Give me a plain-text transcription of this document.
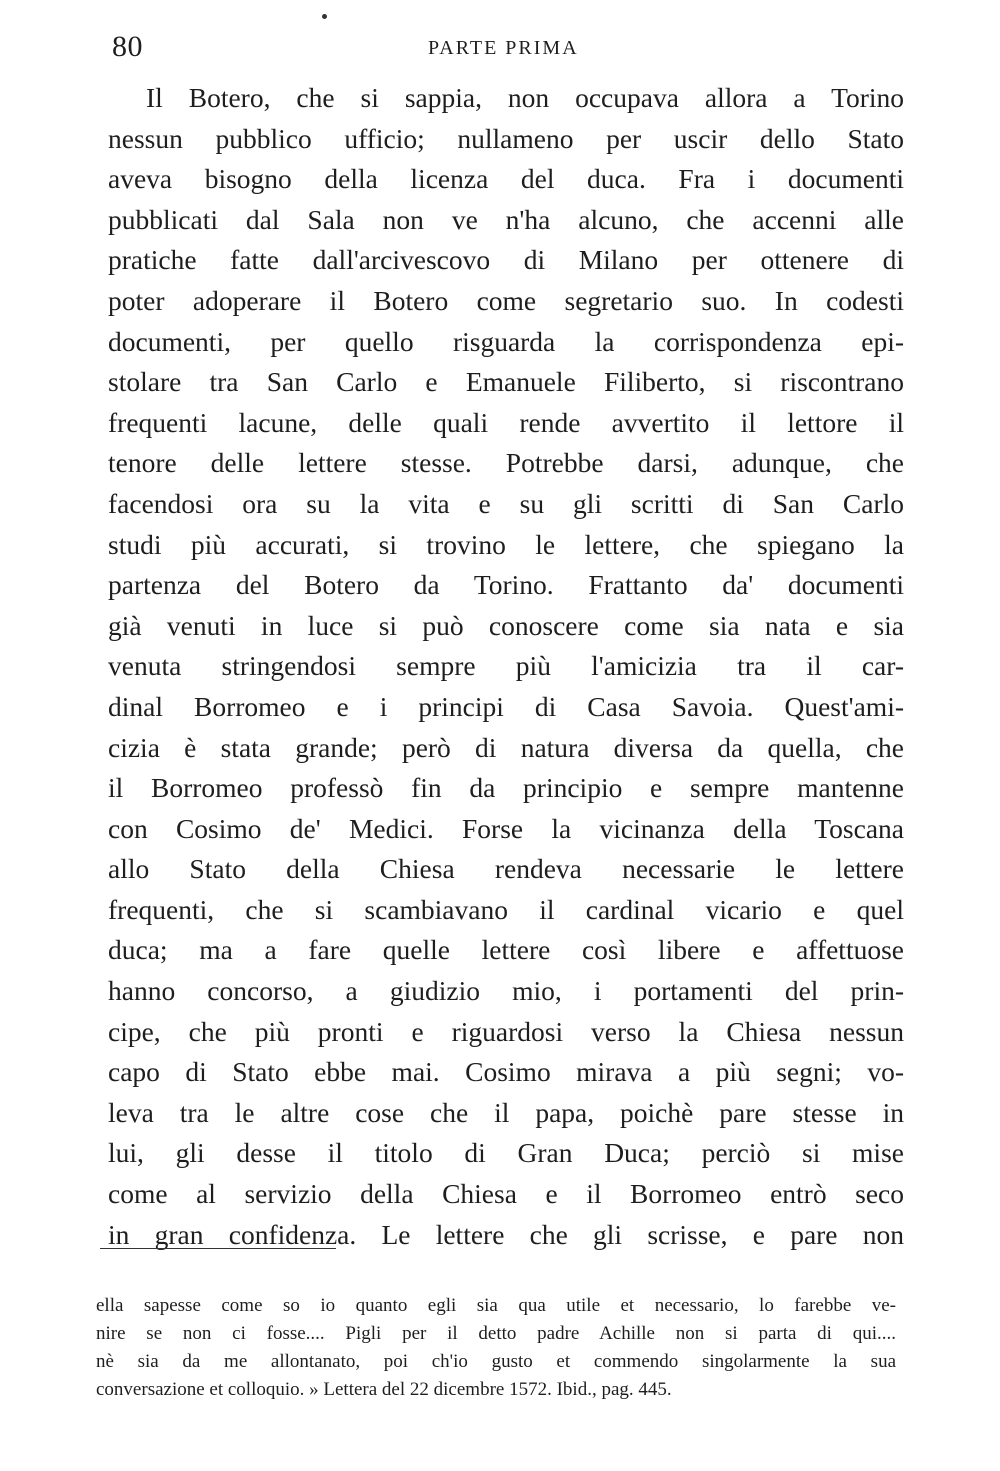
80	PARTE PRIMA
Il Botero, che si sappia, non occupava allora a Torino
nessun pubblico ufficio; nullameno per uscir dello Stato
aveva bisogno della licenza del duca. Fra i documenti
pubblicati dal Sala non ve n'ha alcuno, che accenni alle
pratiche fatte dall'arcivescovo di Milano per ottenere di
poter adoperare il Botero come segretario suo. In codesti
documenti, per quello risguarda la corrispondenza epi-
stolare tra San Carlo e Emanuele Filiberto, si riscontrano
frequenti lacune, delle quali rende avvertito il lettore il
tenore delle lettere stesse. Potrebbe darsi, adunque, che
facendosi ora su la vita e su gli scritti di San Carlo
studi più accurati, si trovino le lettere, che spiegano la
partenza del Botero da Torino. Frattanto da' documenti
già venuti in luce si può conoscere come sia nata e sia
venuta stringendosi sempre più l'amicizia tra il car-
dinal Borromeo e i principi di Casa Savoia. Quest'ami-
cizia è stata grande; però di natura diversa da quella, che
il Borromeo professò fin da principio e sempre mantenne
con Cosimo de' Medici. Forse la vicinanza della Toscana
allo Stato della Chiesa rendeva necessarie le lettere
frequenti, che si scambiavano il cardinal vicario e quel
duca; ma a fare quelle lettere così libere e affettuose
hanno concorso, a giudizio mio, i portamenti del prin-
cipe, che più pronti e riguardosi verso la Chiesa nessun
capo di Stato ebbe mai. Cosimo mirava a più segni; vo-
leva tra le altre cose che il papa, poichè pare stesse in
lui, gli desse il titolo di Gran Duca; perciò si mise
come al servizio della Chiesa e il Borromeo entrò seco
in gran confidenza. Le lettere che gli scrisse, e pare non
ella sapesse come so io quanto egli sia qua utile et necessario, lo farebbe ve-
nire se non ci fosse.... Pigli per il detto padre Achille non si parta di qui....
nè sia da me allontanato, poi ch'io gusto et commendo singolarmente la sua
conversazione et colloquio. » Lettera del 22 dicembre 1572. Ibid., pag. 445.
